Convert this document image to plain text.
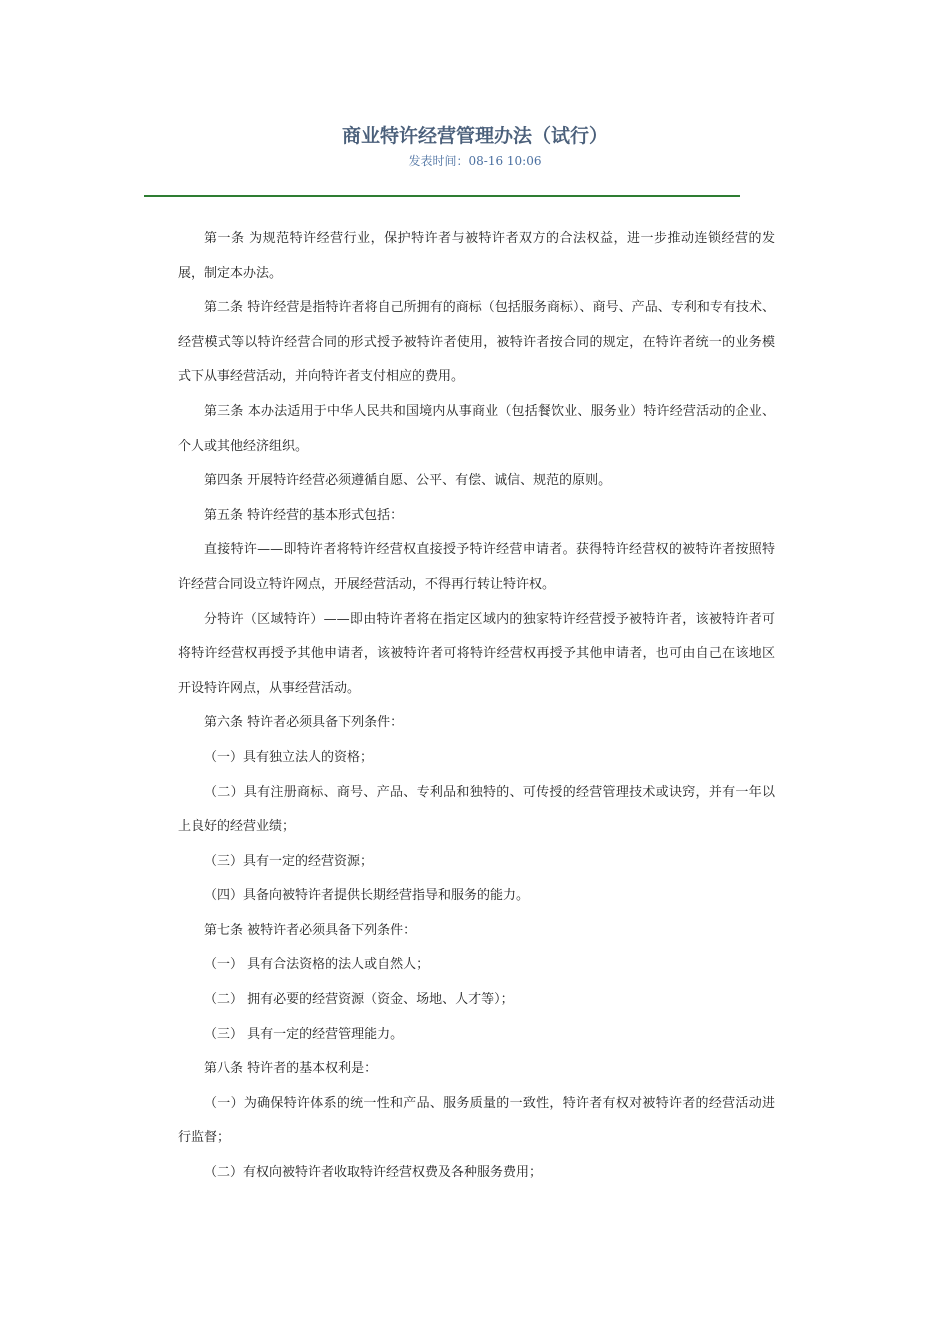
商业特许经营管理办法（试行）
发表时间：08-16 10:06

第一条 为规范特许经营行业，保护特许者与被特许者双方的合法权益，进一步推动连锁经营的发展，制定本办法。

第二条 特许经营是指特许者将自己所拥有的商标（包括服务商标）、商号、产品、专利和专有技术、经营模式等以特许经营合同的形式授予被特许者使用，被特许者按合同的规定，在特许者统一的业务模式下从事经营活动，并向特许者支付相应的费用。

第三条 本办法适用于中华人民共和国境内从事商业（包括餐饮业、服务业）特许经营活动的企业、个人或其他经济组织。

第四条 开展特许经营必须遵循自愿、公平、有偿、诚信、规范的原则。

第五条 特许经营的基本形式包括：

直接特许——即特许者将特许经营权直接授予特许经营申请者。获得特许经营权的被特许者按照特许经营合同设立特许网点，开展经营活动，不得再行转让特许权。

分特许（区域特许）——即由特许者将在指定区域内的独家特许经营授予被特许者，该被特许者可将特许经营权再授予其他申请者，该被特许者可将特许经营权再授予其他申请者，也可由自己在该地区开设特许网点，从事经营活动。

第六条 特许者必须具备下列条件：

（一）具有独立法人的资格；

（二）具有注册商标、商号、产品、专利品和独特的、可传授的经营管理技术或诀窍，并有一年以上良好的经营业绩；

（三）具有一定的经营资源；

（四）具备向被特许者提供长期经营指导和服务的能力。

第七条 被特许者必须具备下列条件：

（一） 具有合法资格的法人或自然人；

（二） 拥有必要的经营资源（资金、场地、人才等）；

（三） 具有一定的经营管理能力。

第八条 特许者的基本权利是：

（一）为确保特许体系的统一性和产品、服务质量的一致性，特许者有权对被特许者的经营活动进行监督；

（二）有权向被特许者收取特许经营权费及各种服务费用；
